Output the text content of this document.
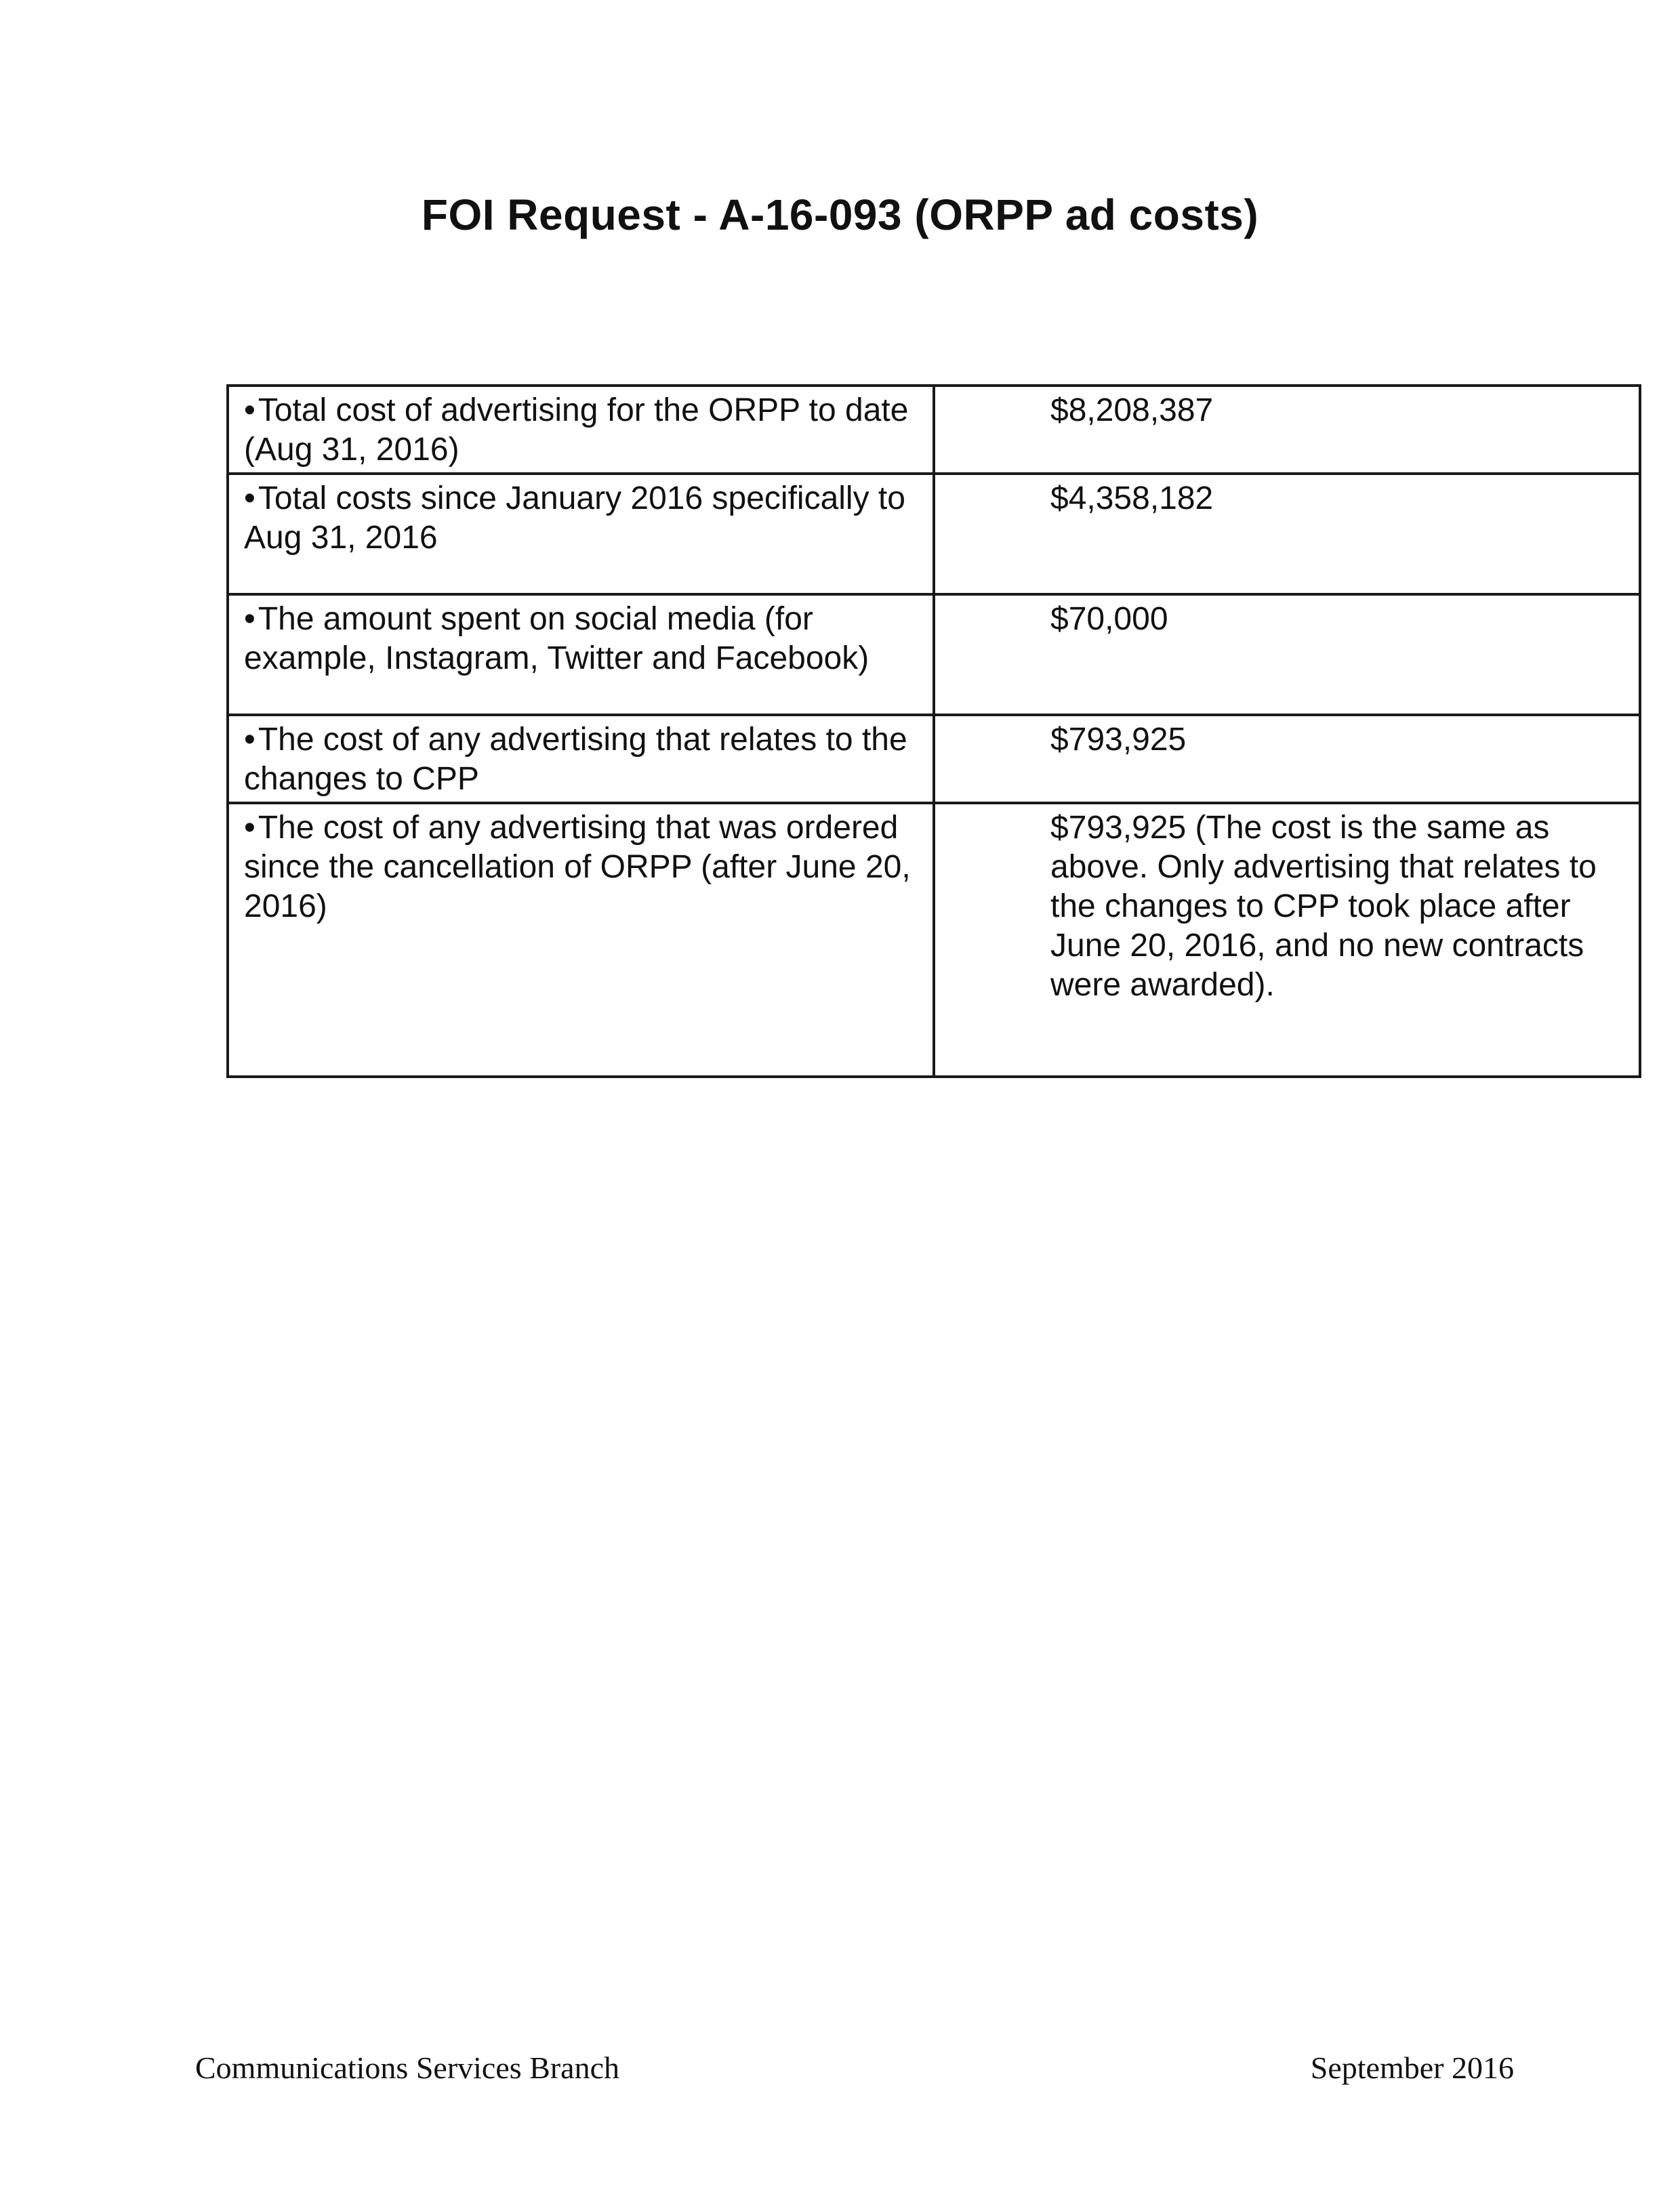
FOI Request - A-16-093 (ORPP ad costs)
•Total cost of advertising for the ORPP to date (Aug 31, 2016)	$8,208,387
•Total costs since January 2016 specifically to Aug 31, 2016	$4,358,182
•The amount spent on social media (for example, Instagram, Twitter and Facebook)	$70,000
•The cost of any advertising that relates to the changes to CPP	$793,925
•The cost of any advertising that was ordered since the cancellation of ORPP (after June 20, 2016)	$793,925 (The cost is the same as above. Only advertising that relates to the changes to CPP took place after June 20, 2016, and no new contracts were awarded).
Communications Services Branch	September 2016
